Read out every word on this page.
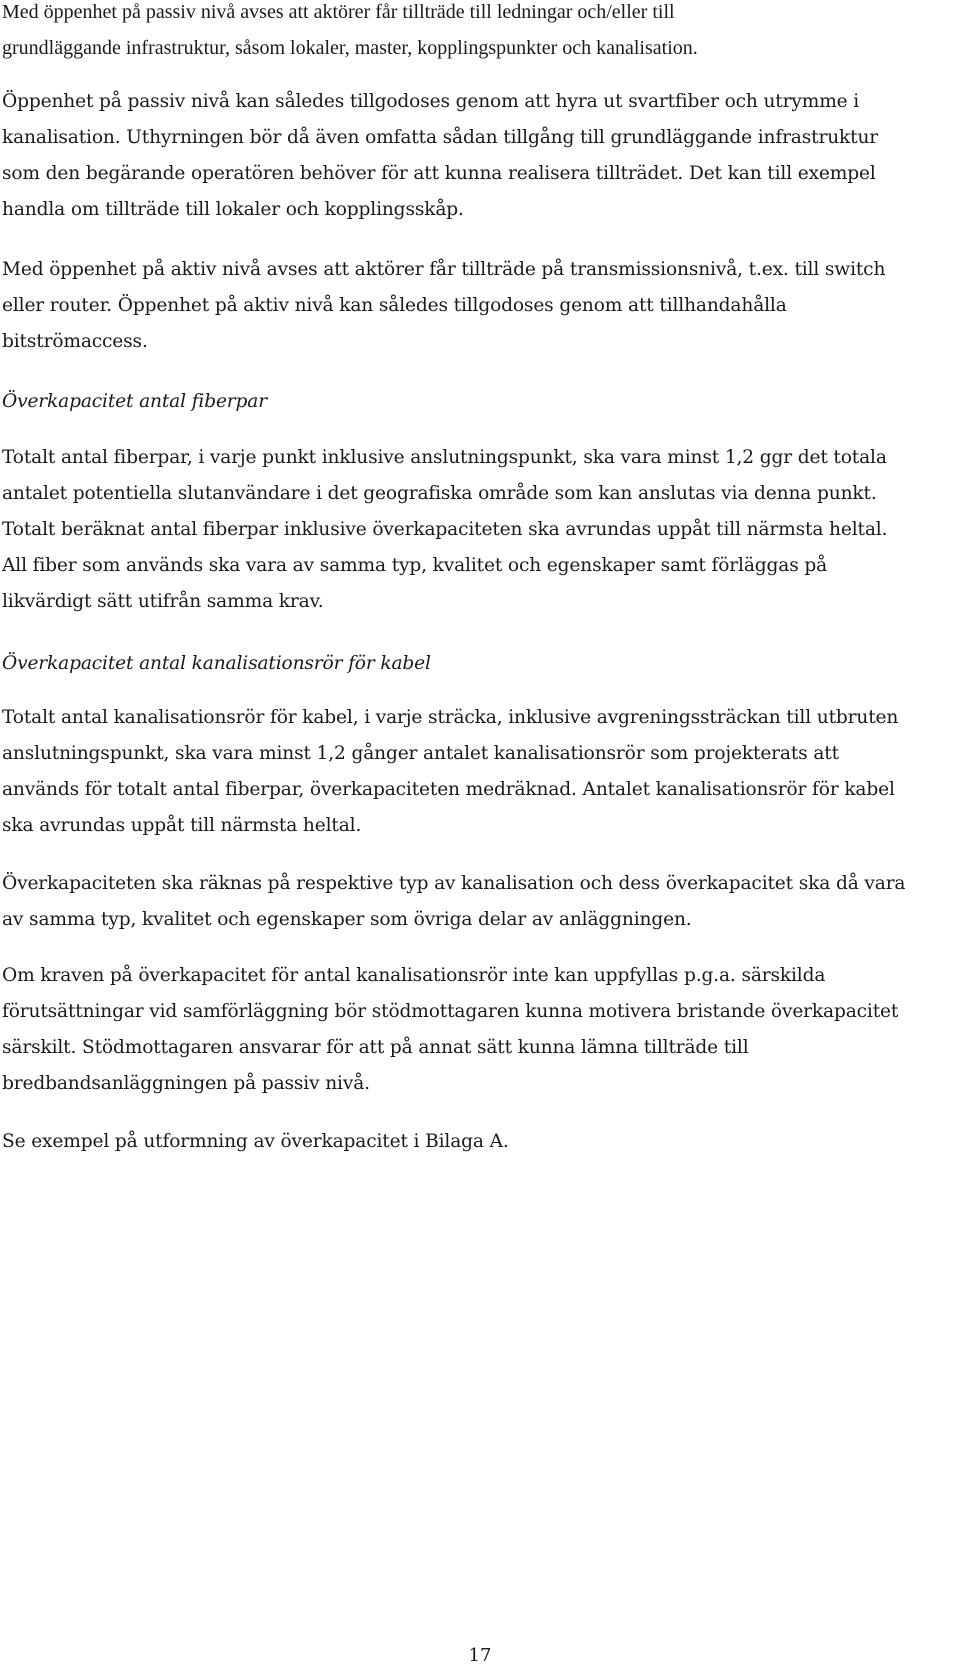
Med öppenhet på passiv nivå avses att aktörer får tillträde till ledningar och/eller till
grundläggande infrastruktur, såsom lokaler, master, kopplingspunkter och kanalisation.
Öppenhet på passiv nivå kan således tillgodoses genom att hyra ut svartfiber och utrymme i
kanalisation. Uthyrningen bör då även omfatta sådan tillgång till grundläggande infrastruktur
som den begärande operatören behöver för att kunna realisera tillträdet. Det kan till exempel
handla om tillträde till lokaler och kopplingsskåp.
Med öppenhet på aktiv nivå avses att aktörer får tillträde på transmissionsnivå, t.ex. till switch
eller router. Öppenhet på aktiv nivå kan således tillgodoses genom att tillhandahålla
bitströmaccess.
Överkapacitet antal fiberpar
Totalt antal fiberpar, i varje punkt inklusive anslutningspunkt, ska vara minst 1,2 ggr det totala
antalet potentiella slutanvändare i det geografiska område som kan anslutas via denna punkt.
Totalt beräknat antal fiberpar inklusive överkapaciteten ska avrundas uppåt till närmsta heltal.
All fiber som används ska vara av samma typ, kvalitet och egenskaper samt förläggas på
likvärdigt sätt utifrån samma krav.
Överkapacitet antal kanalisationsrör för kabel
Totalt antal kanalisationsrör för kabel, i varje sträcka, inklusive avgreningssträckan till utbruten
anslutningspunkt, ska vara minst 1,2 gånger antalet kanalisationsrör som projekterats att
används för totalt antal fiberpar, överkapaciteten medräknad. Antalet kanalisationsrör för kabel
ska avrundas uppåt till närmsta heltal.
Överkapaciteten ska räknas på respektive typ av kanalisation och dess överkapacitet ska då vara
av samma typ, kvalitet och egenskaper som övriga delar av anläggningen.
Om kraven på överkapacitet för antal kanalisationsrör inte kan uppfyllas p.g.a. särskilda
förutsättningar vid samförläggning bör stödmottagaren kunna motivera bristande överkapacitet
särskilt. Stödmottagaren ansvarar för att på annat sätt kunna lämna tillträde till
bredbandsanläggningen på passiv nivå.
Se exempel på utformning av överkapacitet i Bilaga A.

17
